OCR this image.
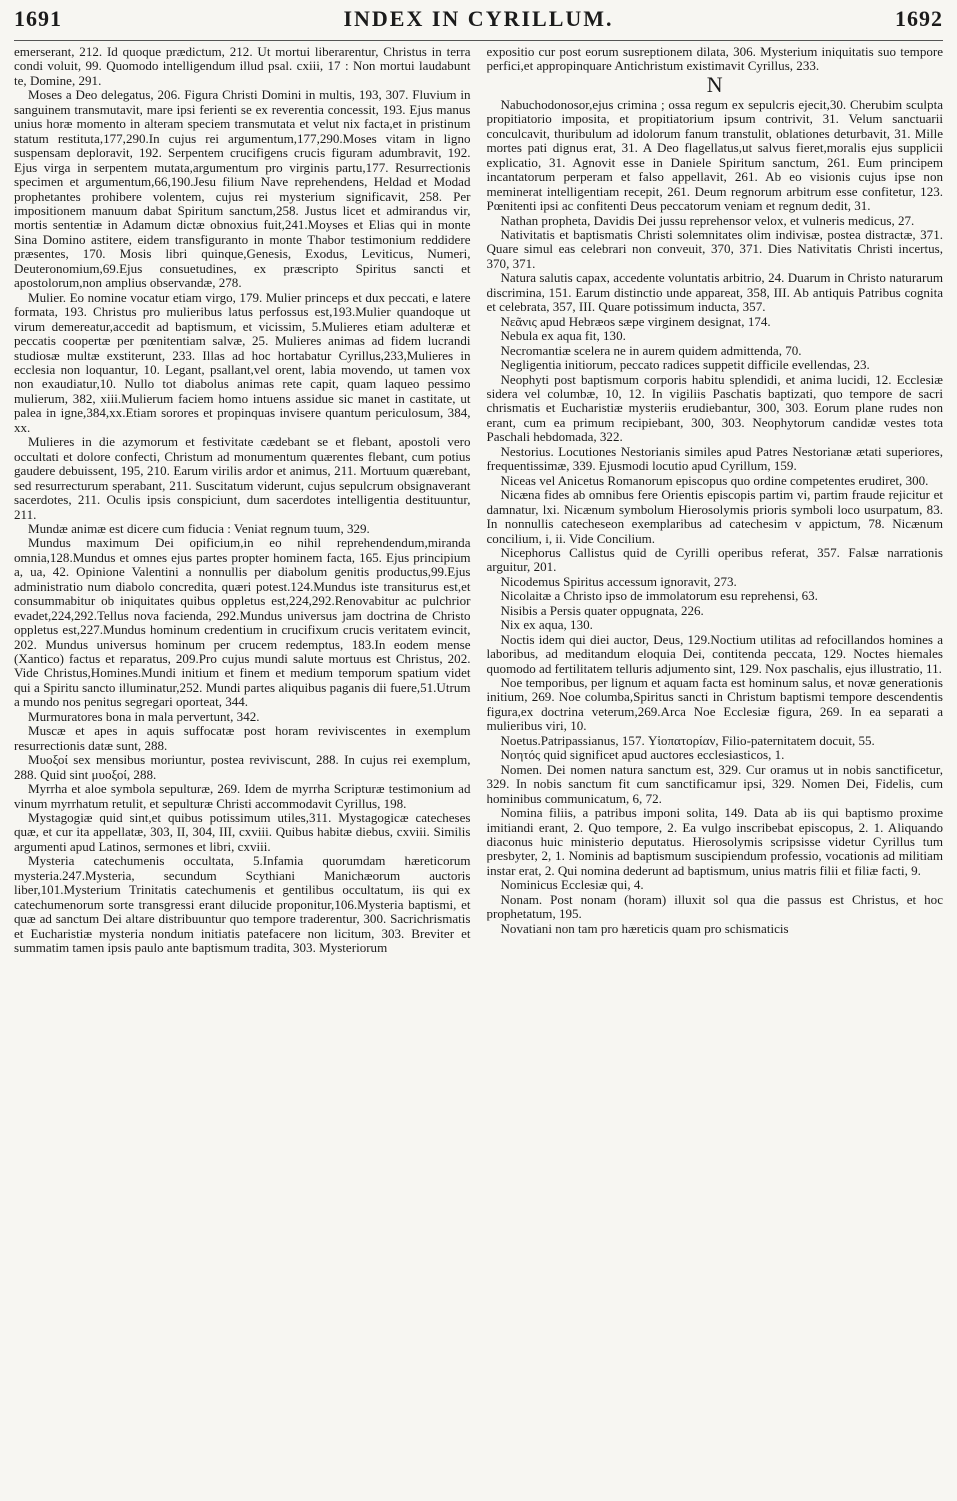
1691	INDEX IN CYRILLUM.	1692

emerserant, 212. Id quoque prædictum, 212. Ut mortui liberarentur, Christus in terra condi voluit, 99. Quomodo intelligendum illud psal. cxiii, 17 : Non mortui laudabunt te, Domine, 291.

Moses a Deo delegatus, 206. Figura Christi Domini in multis, 193, 307. Fluvium in sanguinem transmutavit, mare ipsi ferienti se ex reverentia concessit, 193. Ejus manus unius horæ momento in alteram speciem transmutata et velut nix facta,et in pristinum statum restituta,177,290.In cujus rei argumentum,177,290.Moses vitam in ligno suspensam deploravit, 192. Serpentem crucifigens crucis figuram adumbravit, 192. Ejus virga in serpentem mutata,argumentum pro virginis partu,177. Resurrectionis specimen et argumentum,66,190.Jesu filium Nave reprehendens, Heldad et Modad prophetantes prohibere volentem, cujus rei mysterium significavit, 258. Per impositionem manuum dabat Spiritum sanctum,258. Justus licet et admirandus vir, mortis sententiæ in Adamum dictæ obnoxius fuit,241.Moyses et Elias qui in monte Sina Domino astitere, eidem transfiguranto in monte Thabor testimonium reddidere præsentes, 170. Mosis libri quinque,Genesis, Exodus, Leviticus, Numeri, Deuteronomium,69.Ejus consuetudines, ex præscripto Spiritus sancti et apostolorum,non amplius observandæ, 278.

Mulier. Eo nomine vocatur etiam virgo, 179. Mulier princeps et dux peccati, e latere formata, 193. Christus pro mulieribus latus perfossus est,193.Mulier quandoque ut virum demereatur,accedit ad baptismum, et vicissim, 5.Mulieres etiam adulteræ et peccatis coopertæ per pœnitentiam salvæ, 25. Mulieres animas ad fidem lucrandi studiosæ multæ exstiterunt, 233. Illas ad hoc hortabatur Cyrillus,233,Mulieres in ecclesia non loquantur, 10. Legant, psallant,vel orent, labia movendo, ut tamen vox non exaudiatur,10. Nullo tot diabolus animas rete capit, quam laqueo pessimo mulierum, 382, xiii.Mulierum faciem homo intuens assidue sic manet in castitate, ut palea in igne,384,xx.Etiam sorores et propinquas invisere quantum periculosum, 384, xx.

Mulieres in die azymorum et festivitate cædebant se et flebant, apostoli vero occultati et dolore confecti, Christum ad monumentum quærentes flebant, cum potius gaudere debuissent, 195, 210. Earum virilis ardor et animus, 211. Mortuum quærebant, sed resurrecturum sperabant, 211. Suscitatum viderunt, cujus sepulcrum obsignaverant sacerdotes, 211. Oculis ipsis conspiciunt, dum sacerdotes intelligentia destituuntur, 211.

Mundæ animæ est dicere cum fiducia : Veniat regnum tuum, 329.

Mundus maximum Dei opificium,in eo nihil reprehendendum,miranda omnia,128.Mundus et omnes ejus partes propter hominem facta, 165. Ejus principium a, ua, 42. Opinione Valentini a nonnullis per diabolum genitis productus,99.Ejus administratio num diabolo concredita, quæri potest.124.Mundus iste transiturus est,et consummabitur ob iniquitates quibus oppletus est,224,292.Renovabitur ac pulchrior evadet,224,292.Tellus nova facienda, 292.Mundus universus jam doctrina de Christo oppletus est,227.Mundus hominum credentium in crucifixum crucis veritatem evincit, 202. Mundus universus hominum per crucem redemptus, 183.In eodem mense (Xantico) factus et reparatus, 209.Pro cujus mundi salute mortuus est Christus, 202. Vide Christus,Homines.Mundi initium et finem et medium temporum spatium videt qui a Spiritu sancto illuminatur,252. Mundi partes aliquibus paganis dii fuere,51.Utrum a mundo nos penitus segregari oporteat, 344.

Murmuratores bona in mala pervertunt, 342.

Muscæ et apes in aquis suffocatæ post horam reviviscentes in exemplum resurrectionis datæ sunt, 288.

Μυοξοί sex mensibus moriuntur, postea reviviscunt, 288. In cujus rei exemplum, 288. Quid sint μυοξοί, 288.

Myrrha et aloe symbola sepulturæ, 269. Idem de myrrha Scripturæ testimonium ad vinum myrrhatum retulit, et sepulturæ Christi accommodavit Cyrillus, 198.

Mystagogiæ quid sint,et quibus potissimum utiles,311. Mystagogicæ catecheses quæ, et cur ita appellatæ, 303, II, 304, III, cxviii. Quibus habitæ diebus, cxviii. Similis argumenti apud Latinos, sermones et libri, cxviii.

Mysteria catechumenis occultata, 5.Infamia quorumdam hæreticorum mysteria.247.Mysteria, secundum Scythiani Manichæorum auctoris liber,101.Mysterium Trinitatis catechumenis et gentilibus occultatum, iis qui ex catechumenorum sorte transgressi erant dilucide proponitur,106.Mysteria baptismi, et quæ ad sanctum Dei altare distribuuntur quo tempore traderentur, 300. Sacrichrismatis et Eucharistiæ mysteria nondum initiatis patefacere non licitum, 303. Breviter et summatim tamen ipsis paulo ante baptismum tradita, 303. Mysteriorum

expositio cur post eorum susreptionem dilata, 306. Mysterium iniquitatis suo tempore perfici,et appropinquare Antichristum existimavit Cyrillus, 233.

N

Nabuchodonosor,ejus crimina ; ossa regum ex sepulcris ejecit,30. Cherubim sculpta propitiatorio imposita, et propitiatorium ipsum contrivit, 31. Velum sanctuarii conculcavit, thuribulum ad idolorum fanum transtulit, oblationes deturbavit, 31. Mille mortes pati dignus erat, 31. A Deo flagellatus,ut salvus fieret,moralis ejus supplicii explicatio, 31. Agnovit esse in Daniele Spiritum sanctum, 261. Eum principem incantatorum perperam et falso appellavit, 261. Ab eo visionis cujus ipse non meminerat intelligentiam recepit, 261. Deum regnorum arbitrum esse confitetur, 123. Pœnitenti ipsi ac confitenti Deus peccatorum veniam et regnum dedit, 31.

Nathan propheta, Davidis Dei jussu reprehensor velox, et vulneris medicus, 27.

Nativitatis et baptismatis Christi solemnitates olim indivisæ, postea distractæ, 371. Quare simul eas celebrari non conveuit, 370, 371. Dies Nativitatis Christi incertus, 370, 371.

Natura salutis capax, accedente voluntatis arbitrio, 24. Duarum in Christo naturarum discrimina, 151. Earum distinctio unde appareat, 358, III. Ab antiquis Patribus cognita et celebrata, 357, III. Quare potissimum inducta, 357.

Νεᾶνις apud Hebræos sæpe virginem designat, 174.

Nebula ex aqua fit, 130.

Necromantiæ scelera ne in aurem quidem admittenda, 70.

Negligentia initiorum, peccato radices suppetit difficile evellendas, 23.

Neophyti post baptismum corporis habitu splendidi, et anima lucidi, 12. Ecclesiæ sidera vel columbæ, 10, 12. In vigiliis Paschatis baptizati, quo tempore de sacri chrismatis et Eucharistiæ mysteriis erudiebantur, 300, 303. Eorum plane rudes non erant, cum ea primum recipiebant, 300, 303. Neophytorum candidæ vestes tota Paschali hebdomada, 322.

Nestorius. Locutiones Nestorianis similes apud Patres Nestorianæ ætati superiores, frequentissimæ, 339. Ejusmodi locutio apud Cyrillum, 159.

Niceas vel Anicetus Romanorum episcopus quo ordine competentes erudiret, 300.

Nicæna fides ab omnibus fere Orientis episcopis partim vi, partim fraude rejicitur et damnatur, lxi. Nicænum symbolum Hierosolymis prioris symboli loco usurpatum, 83. In nonnullis catecheseon exemplaribus ad catechesim v appictum, 78. Nicænum concilium, i, ii. Vide Concilium.

Nicephorus Callistus quid de Cyrilli operibus referat, 357. Falsæ narrationis arguitur, 201.

Nicodemus Spiritus accessum ignoravit, 273.

Nicolaitæ a Christo ipso de immolatorum esu reprehensi, 63.

Nisibis a Persis quater oppugnata, 226.

Nix ex aqua, 130.

Noctis idem qui diei auctor, Deus, 129.Noctium utilitas ad refocillandos homines a laboribus, ad meditandum eloquia Dei, contitenda peccata, 129. Noctes hiemales quomodo ad fertilitatem telluris adjumento sint, 129. Nox paschalis, ejus illustratio, 11.

Noe temporibus, per lignum et aquam facta est hominum salus, et novæ generationis initium, 269. Noe columba,Spiritus sancti in Christum baptismi tempore descendentis figura,ex doctrina veterum,269.Arca Noe Ecclesiæ figura, 269. In ea separati a mulieribus viri, 10.

Noetus.Patripassianus, 157. Υἱοπατορίαν, Filio-paternitatem docuit, 55.

Νοητός quid significet apud auctores ecclesiasticos, 1.

Nomen. Dei nomen natura sanctum est, 329. Cur oramus ut in nobis sanctificetur, 329. In nobis sanctum fit cum sanctificamur ipsi, 329. Nomen Dei, Fidelis, cum hominibus communicatum, 6, 72.

Nomina filiis, a patribus imponi solita, 149. Data ab iis qui baptismo proxime imitiandi erant, 2. Quo tempore, 2. Ea vulgo inscribebat episcopus, 2. 1. Aliquando diaconus huic ministerio deputatus. Hierosolymis scripsisse videtur Cyrillus tum presbyter, 2, 1. Nominis ad baptismum suscipiendum professio, vocationis ad militiam instar erat, 2. Qui nomina dederunt ad baptismum, unius matris filii et filiæ facti, 9.

Nominicus Ecclesiæ qui, 4.

Nonam. Post nonam (horam) illuxit sol qua die passus est Christus, et hoc prophetatum, 195.

Novatiani non tam pro hæreticis quam pro schismaticis
